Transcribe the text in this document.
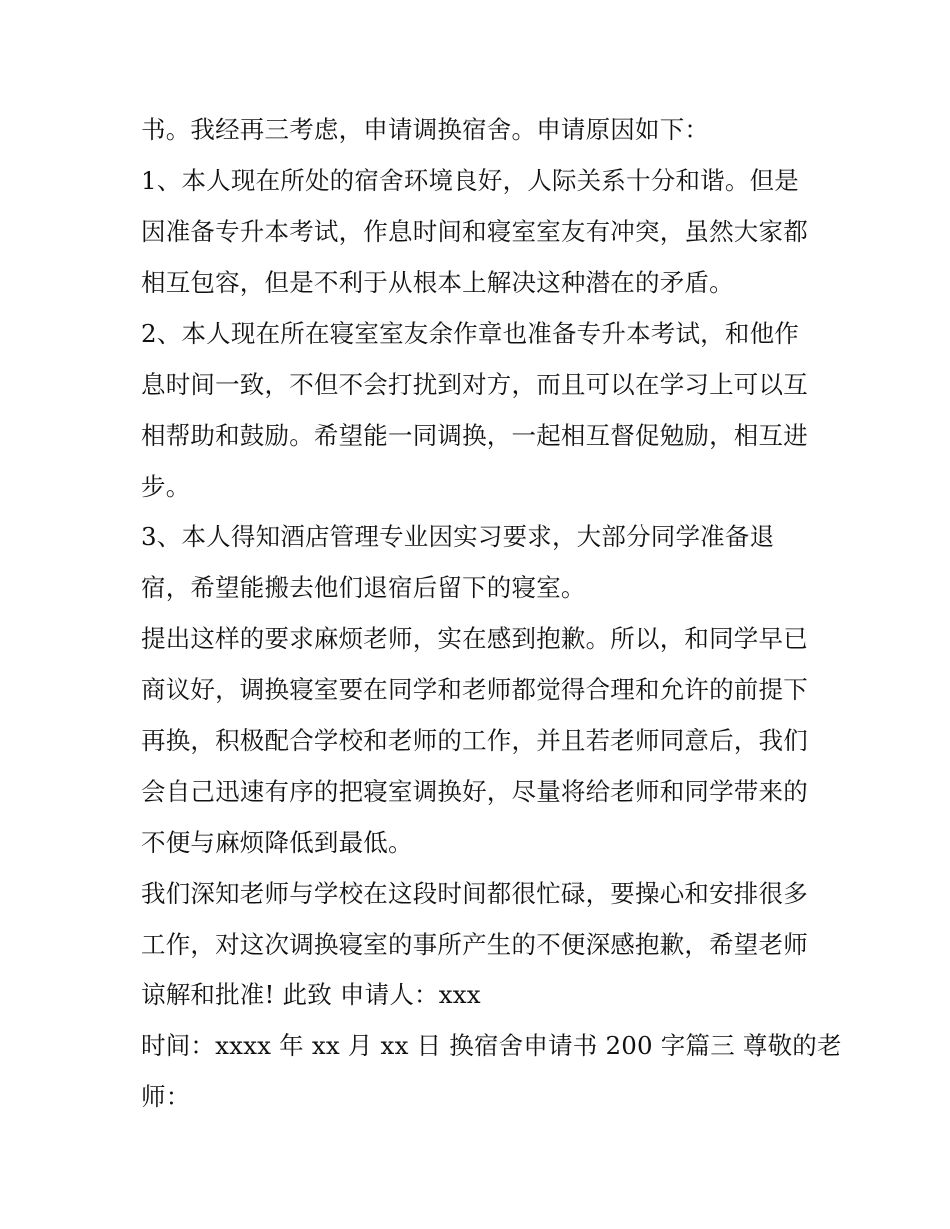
书。我经再三考虑，申请调换宿舍。申请原因如下：
1、本人现在所处的宿舍环境良好，人际关系十分和谐。但是
因准备专升本考试，作息时间和寝室室友有冲突，虽然大家都
相互包容，但是不利于从根本上解决这种潜在的矛盾。
2、本人现在所在寝室室友余作章也准备专升本考试，和他作
息时间一致，不但不会打扰到对方，而且可以在学习上可以互
相帮助和鼓励。希望能一同调换，一起相互督促勉励，相互进
步。
3、本人得知酒店管理专业因实习要求，大部分同学准备退
宿，希望能搬去他们退宿后留下的寝室。
提出这样的要求麻烦老师，实在感到抱歉。所以，和同学早已
商议好，调换寝室要在同学和老师都觉得合理和允许的前提下
再换，积极配合学校和老师的工作，并且若老师同意后，我们
会自己迅速有序的把寝室调换好，尽量将给老师和同学带来的
不便与麻烦降低到最低。
我们深知老师与学校在这段时间都很忙碌，要操心和安排很多
工作，对这次调换寝室的事所产生的不便深感抱歉，希望老师
谅解和批准! 此致 申请人：xxx
时间：xxxx 年 xx 月 xx 日 换宿舍申请书 200 字篇三 尊敬的老
师：
